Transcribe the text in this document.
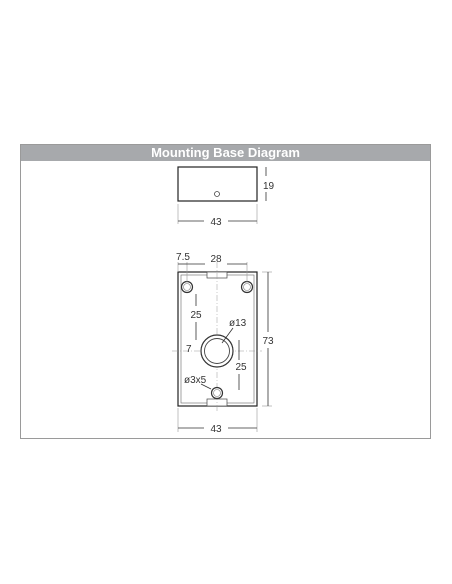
Mounting Base Diagram
19
43
7.5 28
25
ø13
7
25
ø3x5
73
43
